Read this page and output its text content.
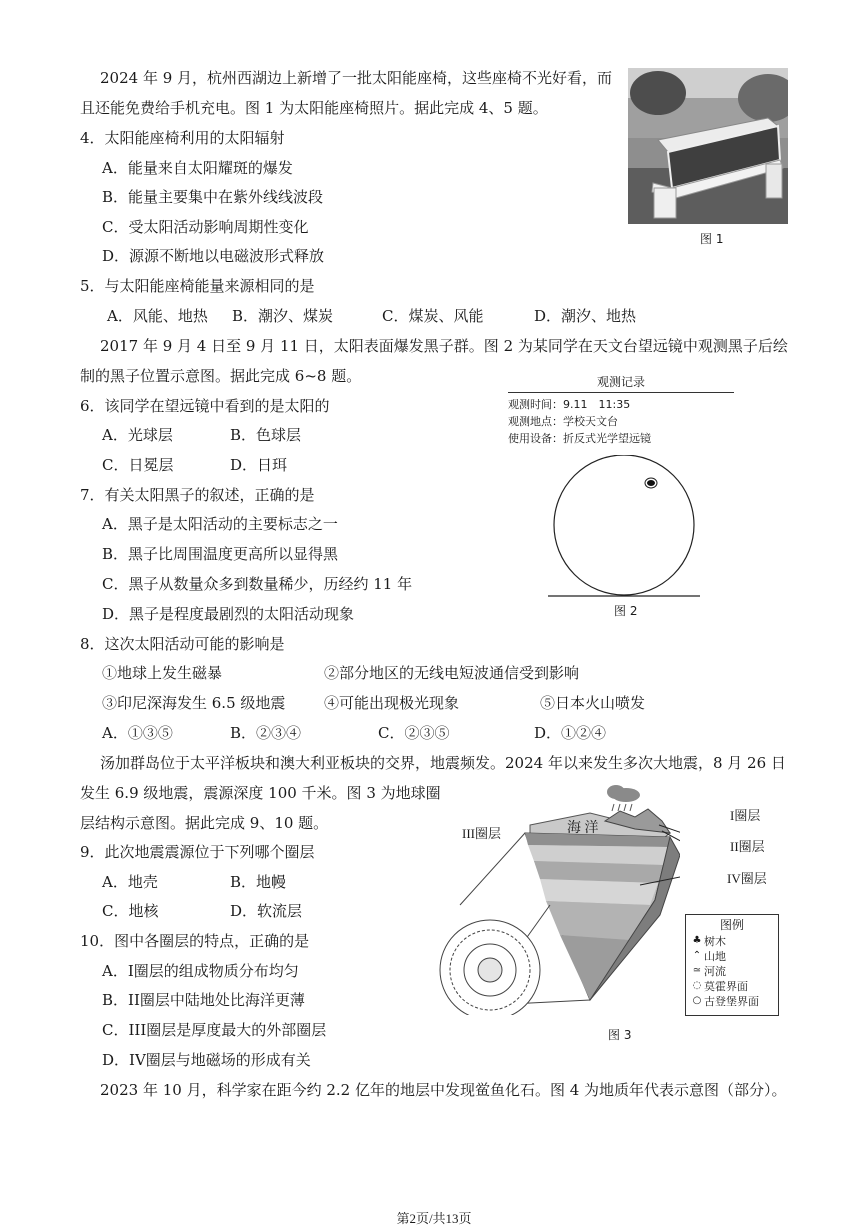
2024 年 9 月，杭州西湖边上新增了一批太阳能座椅，这些座椅不光好看，而
且还能免费给手机充电。图 1 为太阳能座椅照片。据此完成 4、5 题。
图 1
4．太阳能座椅利用的太阳辐射
A．能量来自太阳耀斑的爆发
B．能量主要集中在紫外线线波段
C．受太阳活动影响周期性变化
D．源源不断地以电磁波形式释放
5．与太阳能座椅能量来源相同的是
A．风能、地热 B．潮汐、煤炭	C．煤炭、风能	D．潮汐、地热
2017 年 9 月 4 日至 9 月 11 日，太阳表面爆发黑子群。图 2 为某同学在天文台望远镜中观测黑子后绘
制的黑子位置示意图。据此完成 6~8 题。	观测记录
观测时间：9.11　11:35
观测地点：学校天文台
使用设备：折反式光学望远镜
图 2
6．该同学在望远镜中看到的是太阳的
A．光球层	B．色球层
C．日冕层	D．日珥
7．有关太阳黑子的叙述，正确的是
A．黑子是太阳活动的主要标志之一
B．黑子比周围温度更高所以显得黑
C．黑子从数量众多到数量稀少，历经约 11 年
D．黑子是程度最剧烈的太阳活动现象
8．这次太阳活动可能的影响是
①地球上发生磁暴	②部分地区的无线电短波通信受到影响
③印尼深海发生 6.5 级地震	④可能出现极光现象	⑤日本火山喷发
A．①③⑤	B．②③④	C．②③⑤	D．①②④
汤加群岛位于太平洋板块和澳大利亚板块的交界，地震频发。2024 年以来发生多次大地震，8 月 26 日
发生 6.9 级地震，震源深度 100 千米。图 3 为地球圈
层结构示意图。据此完成 9、10 题。
9．此次地震震源位于下列哪个圈层
A．地壳	B．地幔
C．地核	D．软流层
10．图中各圈层的特点，正确的是
A．I圈层的组成物质分布均匀
B．II圈层中陆地处比海洋更薄
C．III圈层是厚度最大的外部圈层
D．IV圈层与地磁场的形成有关
I圈层
II圈层
III圈层
IV圈层
海 洋
图例
♣ 树木
⌃ 山地
≃ 河流
◌ 莫霍界面
○ 古登堡界面
图 3
2023 年 10 月，科学家在距今约 2.2 亿年的地层中发现鲎鱼化石。图 4 为地质年代表示意图（部分）。
第2页/共13页
